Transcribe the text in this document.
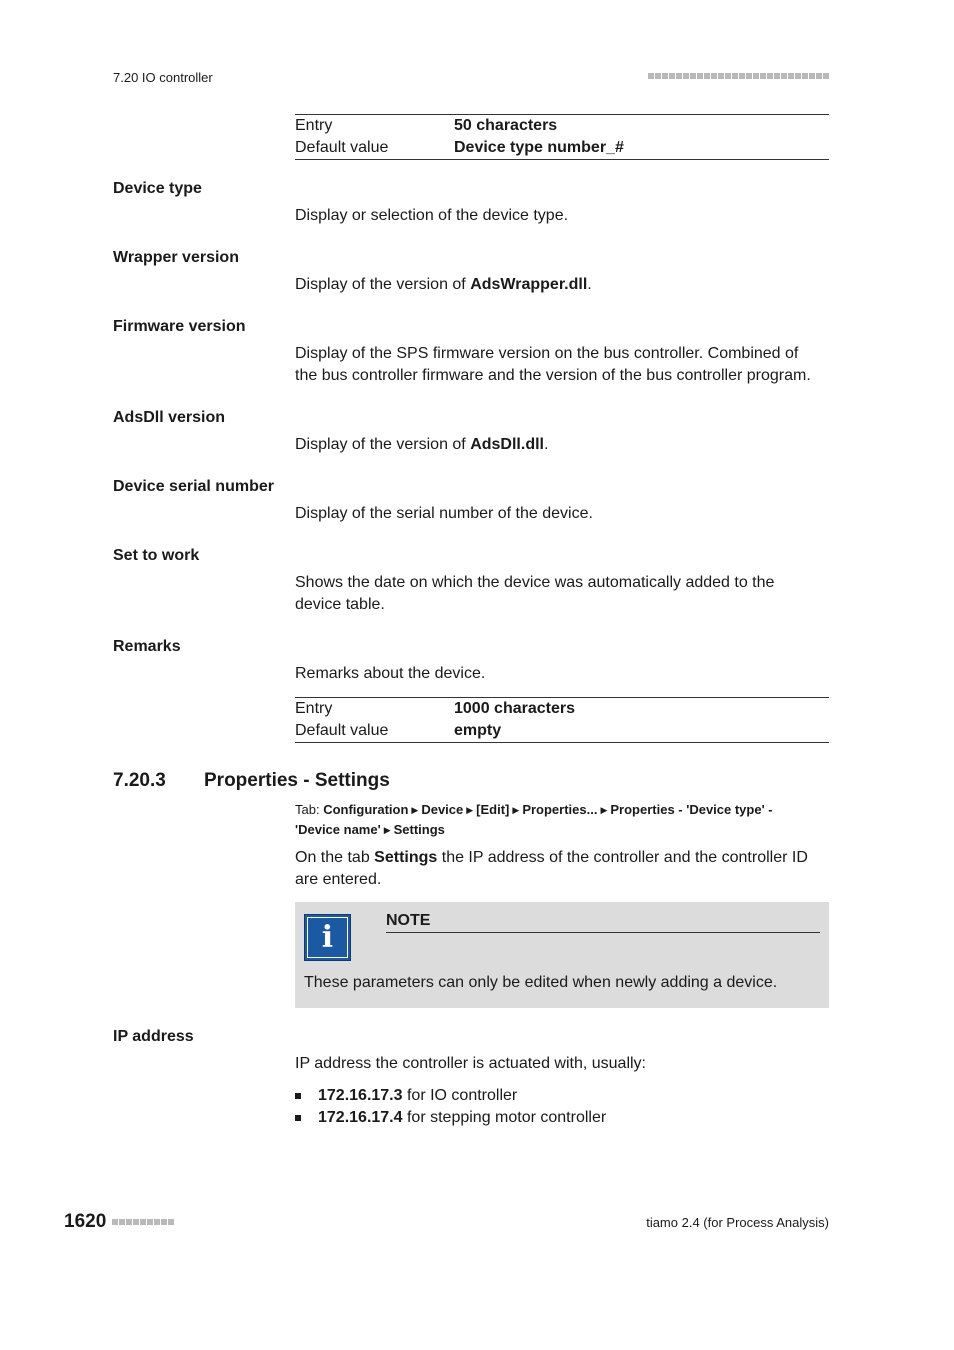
7.20 IO controller
Entry	50 characters
Default value	Device type number_#
Device type
Display or selection of the device type.
Wrapper version
Display of the version of AdsWrapper.dll.
Firmware version
Display of the SPS firmware version on the bus controller. Combined of
the bus controller firmware and the version of the bus controller program.
AdsDll version
Display of the version of AdsDll.dll.
Device serial number
Display of the serial number of the device.
Set to work
Shows the date on which the device was automatically added to the
device table.
Remarks
Remarks about the device.
Entry	1000 characters
Default value	empty
7.20.3	Properties - Settings
Tab: Configuration ▶ Device ▶ [Edit] ▶ Properties... ▶ Properties - 'Device type' -
'Device name' ▶ Settings
On the tab Settings the IP address of the controller and the controller ID
are entered.
i	NOTE
These parameters can only be edited when newly adding a device.
IP address
IP address the controller is actuated with, usually:
172.16.17.3 for IO controller
172.16.17.4 for stepping motor controller
1620	tiamo 2.4 (for Process Analysis)
